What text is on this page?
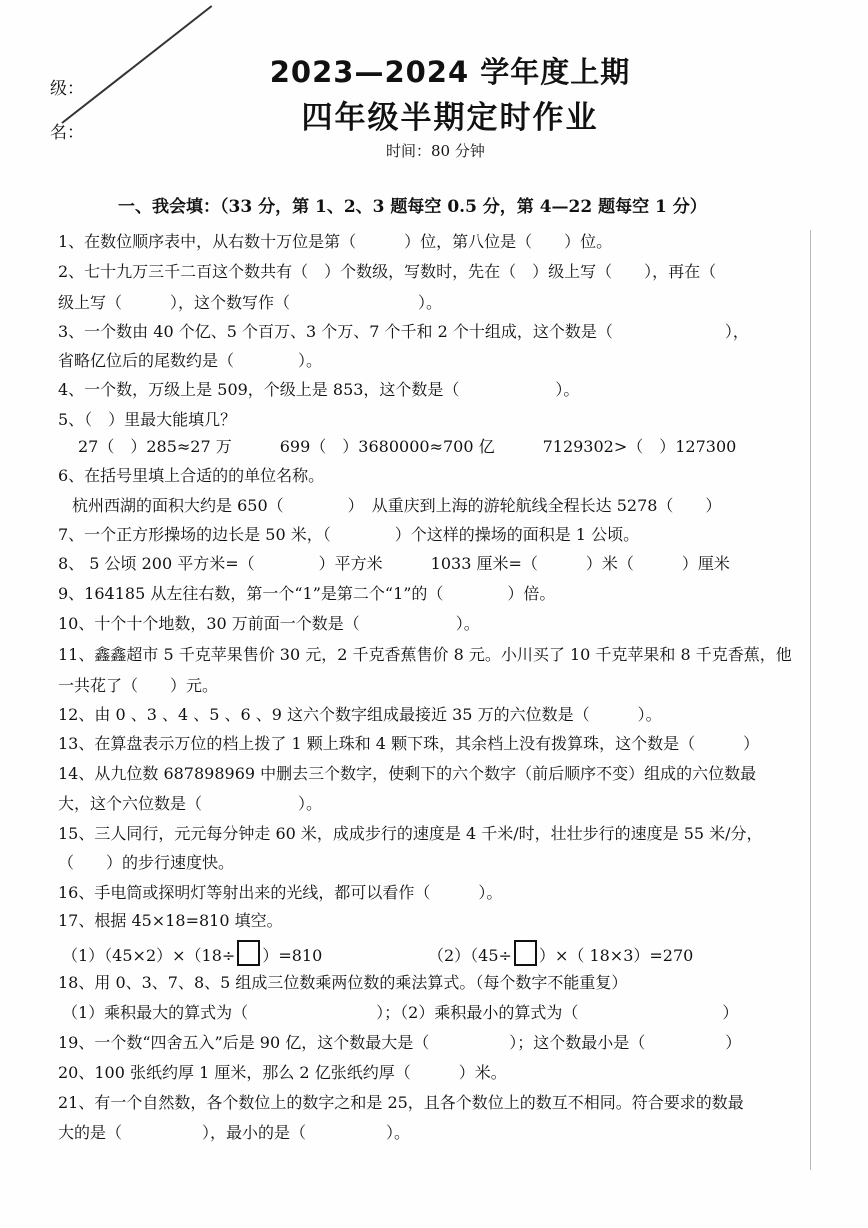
级：
名：
2023—2024 学年度上期
四年级半期定时作业
时间：80 分钟
一、我会填：（33 分，第 1、2、3 题每空 0.5 分，第 4—22 题每空 1 分）
1、在数位顺序表中，从右数十万位是第（　　　）位，第八位是（　　）位。
2、七十九万三千二百这个数共有（　）个数级，写数时，先在（　）级上写（　　），再在（
级上写（　　　），这个数写作（　　　　　　　　）。
3、一个数由 40 个亿、5 个百万、3 个万、7 个千和 2 个十组成，这个数是（　　　　　　　），
省略亿位后的尾数约是（　　　　）。
4、一个数，万级上是 509，个级上是 853，这个数是（　　　　　　）。
5、（　）里最大能填几？
27（　）285≈27 万　　　699（　）3680000≈700 亿　　　7129302>（　）127300
6、在括号里填上合适的的单位名称。
杭州西湖的面积大约是 650（　　　　）　从重庆到上海的游轮航线全程长达 5278（　　）
7、一个正方形操场的边长是 50 米，（　　　　）个这样的操场的面积是 1 公顷。
8、 5 公顷 200 平方米=（　　　　）平方米　　　1033 厘米=（　　　）米（　　　）厘米
9、164185 从左往右数，第一个“1”是第二个“1”的（　　　　）倍。
10、十个十个地数，30 万前面一个数是（　　　　　　）。
11、鑫鑫超市 5 千克苹果售价 30 元，2 千克香蕉售价 8 元。小川买了 10 千克苹果和 8 千克香蕉，他
一共花了（　　）元。
12、由 0 、3 、4 、5 、6 、9 这六个数字组成最接近 35 万的六位数是（　　　）。
13、在算盘表示万位的档上拨了 1 颗上珠和 4 颗下珠，其余档上没有拨算珠，这个数是（　　　）
14、从九位数 687898969 中删去三个数字，使剩下的六个数字（前后顺序不变）组成的六位数最
大，这个六位数是（　　　　　　）。
15、三人同行，元元每分钟走 60 米，成成步行的速度是 4 千米/时，壮壮步行的速度是 55 米/分，
（　　）的步行速度快。
16、手电筒或探明灯等射出来的光线，都可以看作（　　　）。
17、根据 45×18=810 填空。
（1）（45×2）×（18÷ ）=810	（2）（45÷ ）×（ 18×3）=270
18、用 0、3、7、8、5 组成三位数乘两位数的乘法算式。（每个数字不能重复）
（1）乘积最大的算式为（　　　　　　　　）；（2）乘积最小的算式为（　　　　　　　　　）
19、一个数“四舍五入”后是 90 亿，这个数最大是（　　　　　）；这个数最小是（　　　　　）
20、100 张纸约厚 1 厘米，那么 2 亿张纸约厚（　　　）米。
21、有一个自然数，各个数位上的数字之和是 25，且各个数位上的数互不相同。符合要求的数最
大的是（　　　　　），最小的是（　　　　　）。
